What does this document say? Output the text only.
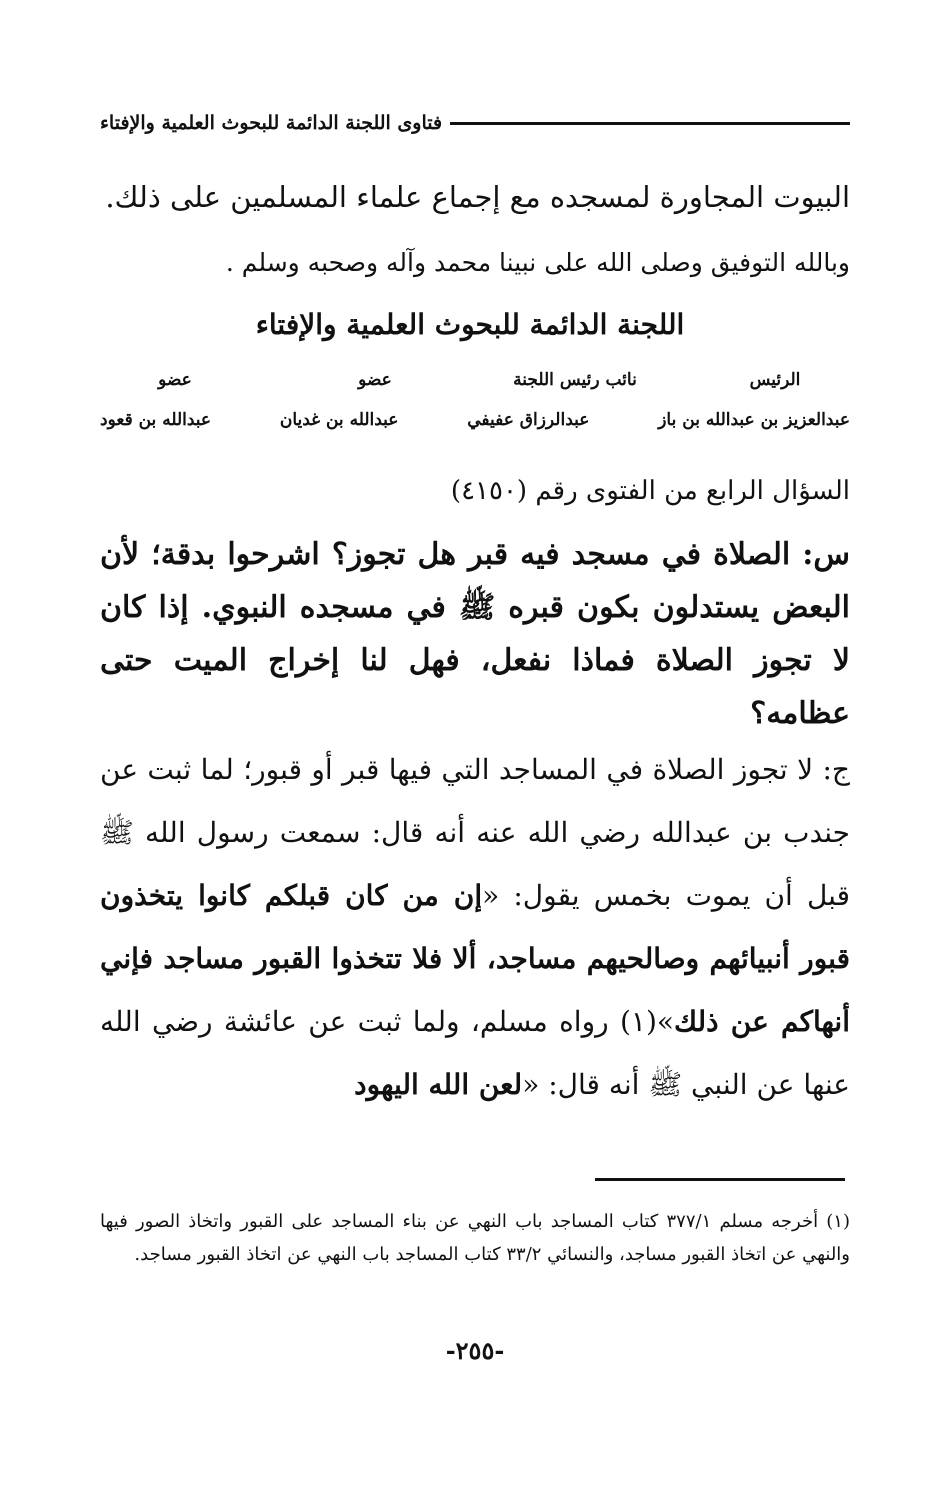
فتاوى اللجنة الدائمة للبحوث العلمية والإفتاء
البيوت المجاورة لمسجده مع إجماع علماء المسلمين على ذلك.
وبالله التوفيق وصلى الله على نبينا محمد وآله وصحبه وسلم .
اللجنة الدائمة للبحوث العلمية والإفتاء
عضو	عضو	نائب رئيس اللجنة	الرئيس
عبدالله بن قعود	عبدالله بن غديان	عبدالرزاق عفيفي	عبدالعزيز بن عبدالله بن باز
السؤال الرابع من الفتوى رقم (٤١٥٠)
س: الصلاة في مسجد فيه قبر هل تجوز؟ اشرحوا بدقة؛ لأن البعض يستدلون بكون قبره ﷺ في مسجده النبوي. إذا كان لا تجوز الصلاة فماذا نفعل، فهل لنا إخراج الميت حتى عظامه؟
ج: لا تجوز الصلاة في المساجد التي فيها قبر أو قبور؛ لما ثبت عن جندب بن عبدالله رضي الله عنه أنه قال: سمعت رسول الله ﷺ قبل أن يموت بخمس يقول: «إن من كان قبلكم كانوا يتخذون قبور أنبيائهم وصالحيهم مساجد، ألا فلا تتخذوا القبور مساجد فإني أنهاكم عن ذلك»(١) رواه مسلم، ولما ثبت عن عائشة رضي الله عنها عن النبي ﷺ أنه قال: «لعن الله اليهود
(١) أخرجه مسلم ٣٧٧/١ كتاب المساجد باب النهي عن بناء المساجد على القبور واتخاذ الصور فيها والنهي عن اتخاذ القبور مساجد، والنسائي ٣٣/٢ كتاب المساجد باب النهي عن اتخاذ القبور مساجد.
-٢٥٥-
